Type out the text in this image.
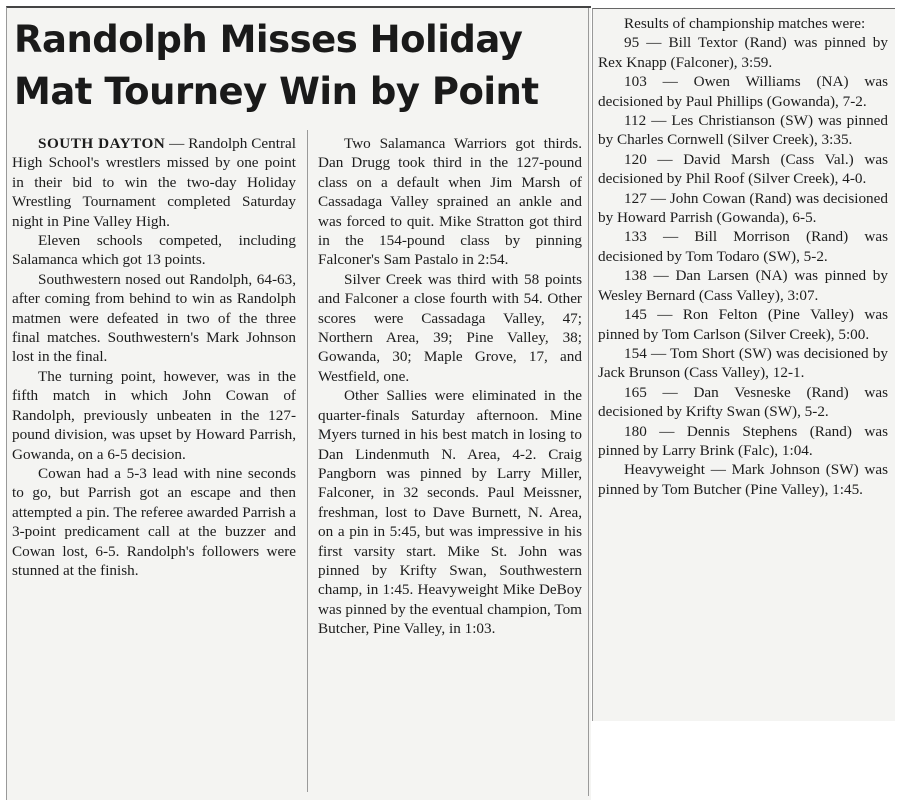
Randolph Misses Holiday Mat Tourney Win by Point

SOUTH DAYTON — Randolph Central High School's wrestlers missed by one point in their bid to win the two-day Holiday Wrestling Tournament completed Saturday night in Pine Valley High.

Eleven schools competed, including Salamanca which got 13 points.

Southwestern nosed out Randolph, 64-63, after coming from behind to win as Randolph matmen were defeated in two of the three final matches. Southwestern's Mark Johnson lost in the final.

The turning point, however, was in the fifth match in which John Cowan of Randolph, previously unbeaten in the 127-pound division, was upset by Howard Parrish, Gowanda, on a 6-5 decision.

Cowan had a 5-3 lead with nine seconds to go, but Parrish got an escape and then attempted a pin. The referee awarded Parrish a 3-point predicament call at the buzzer and Cowan lost, 6-5. Randolph's followers were stunned at the finish.

Two Salamanca Warriors got thirds. Dan Drugg took third in the 127-pound class on a default when Jim Marsh of Cassadaga Valley sprained an ankle and was forced to quit. Mike Stratton got third in the 154-pound class by pinning Falconer's Sam Pastalo in 2:54.

Silver Creek was third with 58 points and Falconer a close fourth with 54. Other scores were Cassadaga Valley, 47; Northern Area, 39; Pine Valley, 38; Gowanda, 30; Maple Grove, 17, and Westfield, one.

Other Sallies were eliminated in the quarter-finals Saturday afternoon. Mine Myers turned in his best match in losing to Dan Lindenmuth N. Area, 4-2. Craig Pangborn was pinned by Larry Miller, Falconer, in 32 seconds. Paul Meissner, freshman, lost to Dave Burnett, N. Area, on a pin in 5:45, but was impressive in his first varsity start. Mike St. John was pinned by Krifty Swan, Southwestern champ, in 1:45. Heavyweight Mike DeBoy was pinned by the eventual champion, Tom Butcher, Pine Valley, in 1:03.

Results of championship matches were:

95 — Bill Textor (Rand) was pinned by Rex Knapp (Falconer), 3:59.

103 — Owen Williams (NA) was decisioned by Paul Phillips (Gowanda), 7-2.

112 — Les Christianson (SW) was pinned by Charles Cornwell (Silver Creek), 3:35.

120 — David Marsh (Cass Val.) was decisioned by Phil Roof (Silver Creek), 4-0.

127 — John Cowan (Rand) was decisioned by Howard Parrish (Gowanda), 6-5.

133 — Bill Morrison (Rand) was decisioned by Tom Todaro (SW), 5-2.

138 — Dan Larsen (NA) was pinned by Wesley Bernard (Cass Valley), 3:07.

145 — Ron Felton (Pine Valley) was pinned by Tom Carlson (Silver Creek), 5:00.

154 — Tom Short (SW) was decisioned by Jack Brunson (Cass Valley), 12-1.

165 — Dan Vesneske (Rand) was decisioned by Krifty Swan (SW), 5-2.

180 — Dennis Stephens (Rand) was pinned by Larry Brink (Falc), 1:04.

Heavyweight — Mark Johnson (SW) was pinned by Tom Butcher (Pine Valley), 1:45.
